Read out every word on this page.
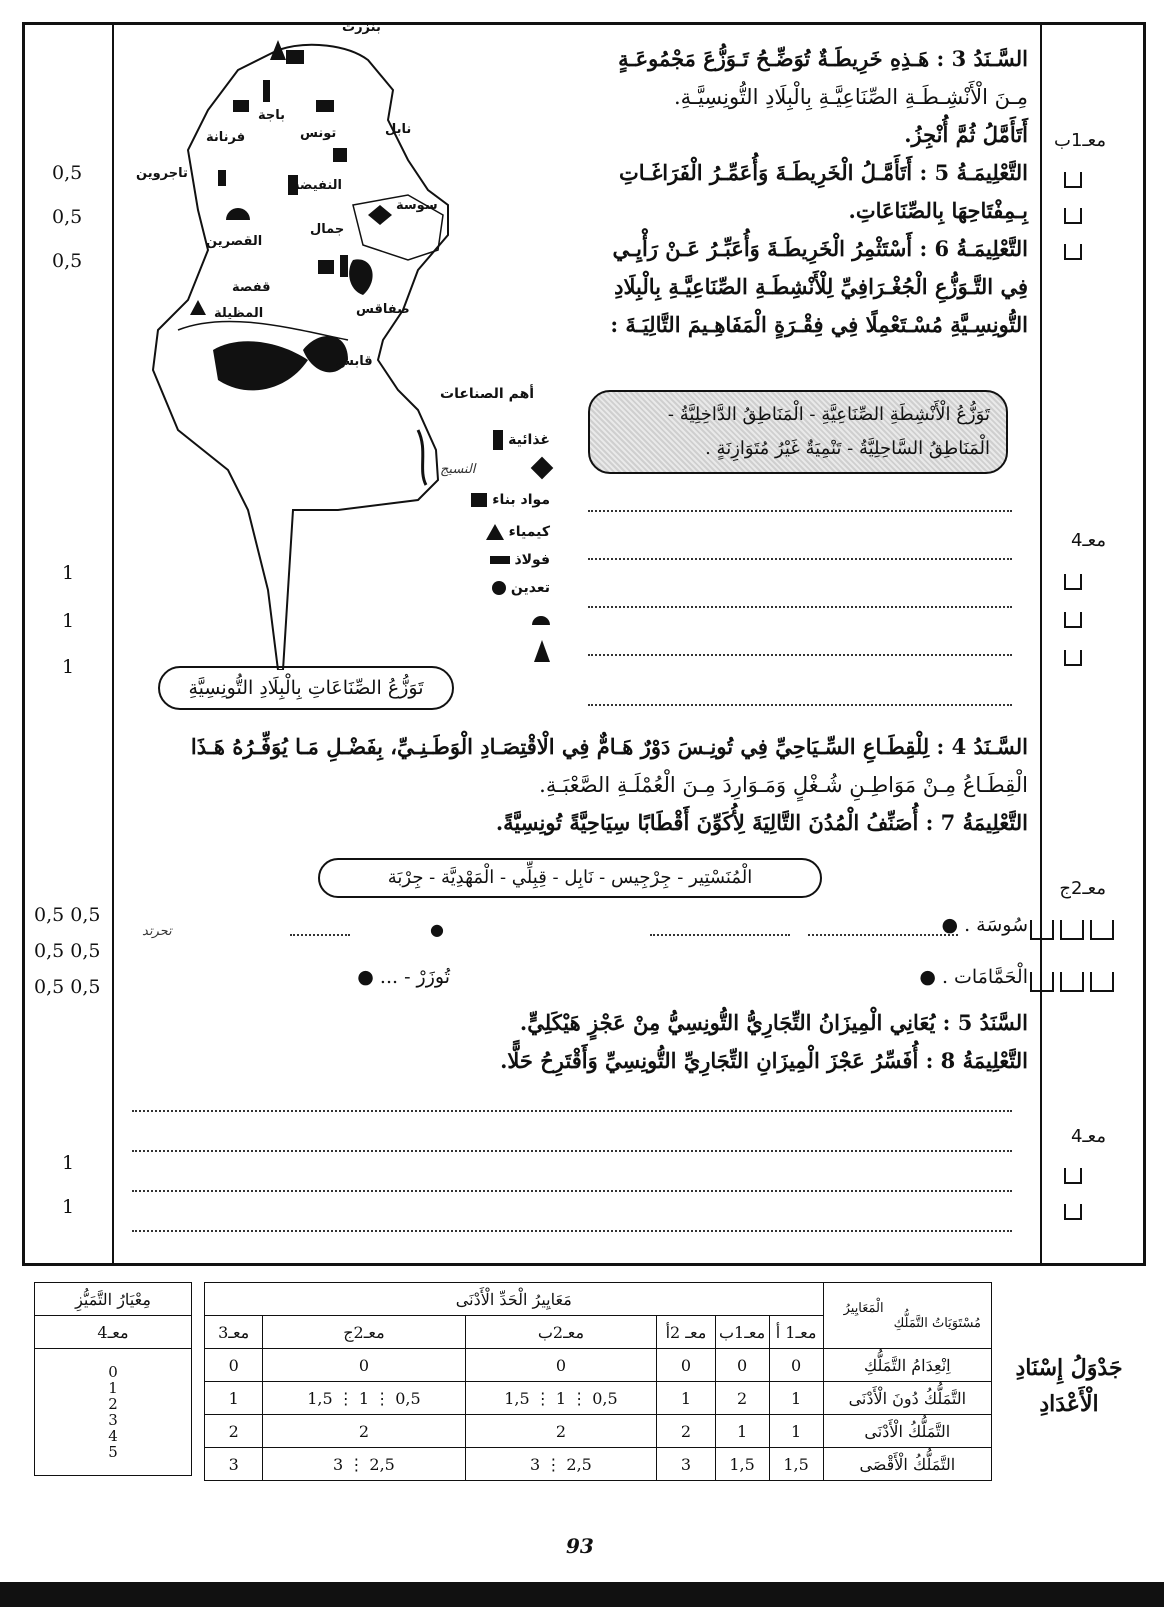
السَّـنَدُ 3 : هَـذِهِ خَرِيطَـةٌ تُوَضِّـحُ تَـوَزُّعَ مَجْمُوعَـةٍ
مِـنَ الْأَنْشِـطَـةِ الصِّنَاعِيَّـةِ بِالْبِلَادِ التُّونِسِيَّـةِ.
أَتَأَمَّلُ ثُمَّ أُنْجِزُ.
التَّعْلِيمَـةُ 5 : أَتَأَمَّـلُ الْخَرِيطَـةَ وَأُعَمِّـرُ الْفَرَاغَـاتِ
بِـمِفْتَاحِهَا بِالصِّنَاعَاتِ.
التَّعْلِيمَـةُ 6 : أَسْتَثْمِرُ الْخَرِيطَـةَ وَأُعَبِّـرُ عَـنْ رَأْيِـي
فِي التَّـوَزُّعِ الْجُغْـرَافِيِّ لِلْأَنْشِطَـةِ الصِّنَاعِيَّـةِ بِالْبِلَادِ
التُّونِسِـيَّةِ مُسْـتَعْمِلًا فِي فِقْـرَةٍ الْمَفَاهِـيمَ التَّالِيَـةَ :
تَوَزُّعُ الْأَنْشِطَةِ الصِّنَاعِيَّةِ - الْمَنَاطِقُ الدَّاخِلِيَّةُ -
الْمَنَاطِقُ السَّاحِلِيَّةُ - تَنْمِيَةٌ غَيْرُ مُتَوَازِنَةٍ .
بنزرت
باجة
تونس	نابل
فرنانة
تاجروين
النفيضة
سوسة
جمال
القصرين
قفصة
المظيلة	صفاقس
قابس
أهم الصناعات
غذائية
مواد بناء
كيمياء
فولاذ
تعدين
النسيج
تَوَزُّعُ الصِّنَاعَاتِ بِالْبِلَادِ التُّونِسِيَّةِ
السَّـنَدُ 4 : لِلْقِطَـاعِ السِّـيَاحِيِّ فِي تُونِـسَ دَوْرٌ هَـامٌّ فِي الْاقْتِصَـادِ الْوَطَـنِـيِّ، بِفَضْـلِ مَـا يُوَفِّـرُهُ هَـذَا
الْقِطَـاعُ مِـنْ مَوَاطِـنِ شُـغْلٍ وَمَـوَارِدَ مِـنَ الْعُمْلَـةِ الصَّعْبَـةِ.
التَّعْلِيمَةُ 7 : أُصَنِّفُ الْمُدُنَ التَّالِيَةَ لِأُكَوِّنَ أَقْطَابًا سِيَاحِيَّةً تُونِسِيَّةً.
الْمُنَسْتِير - جِرْجِيس - نَابِل - قِبِلِّي - الْمَهْدِيَّة - جِرْبَة
سُوسَة . ●
●
ﺗﺤﺮﺗﺪ
الْحَمَّامَات . ●
تُوزَرْ - ... ●
السَّنَدُ 5 : يُعَانِي الْمِيزَانُ التِّجَارِيُّ التُّونِسِيُّ مِنْ عَجْزٍ هَيْكَلِيٍّ.
التَّعْلِيمَةُ 8 : أُفَسِّرُ عَجْزَ الْمِيزَانِ التِّجَارِيِّ التُّونِسِيِّ وَأَقْتَرِحُ حَلًّا.
معـ1ب
معـ4
معـ2ج
معـ4
0,5
0,5
0,5
1
1
1
0,5 0,5
0,5 0,5
0,5 0,5
1
1
جَدْوَلُ إِسْنَادِ الْأَعْدَادِ
مِعْيَارُ التَّمَيُّزِ
معـ4

0
1
2
3
4
5
الْمَعَايِيرُ
مُسْتَوَيَاتُ التَّمَلُّكِ	مَعَايِيرُ الْحَدِّ الْأَدْنَى					
	معـ1 أ	معـ1ب	معـ 2أ	معـ2ب	معـ2ج	معـ3
اِنْعِدَامُ التَّمَلُّكِ	0	0	0	0	0	0
التَّمَلُّكُ دُونَ الْأَدْنَى	1	2	1	0,5 ⋮ 1 ⋮ 1,5	0,5 ⋮ 1 ⋮ 1,5	1
التَّمَلُّكُ الْأَدْنَى	1	1	2	2	2	2
التَّمَلُّكُ الْأَقْصَى	1,5	1,5	3	2,5 ⋮ 3	2,5 ⋮ 3	3
93
